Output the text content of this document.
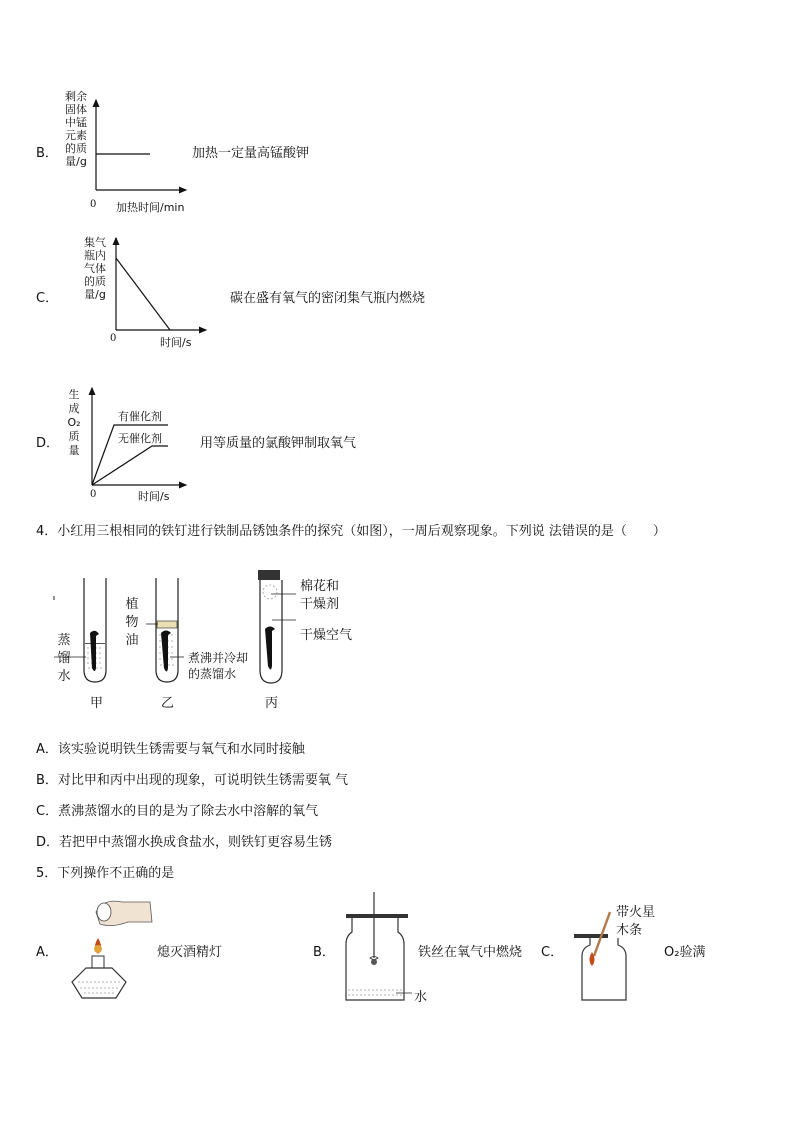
B．
剩余
固体
中锰
元素
的质
量/g
0 加热时间/min
加热一定量高锰酸钾
C．
集气
瓶内
气体
的质
量/g
0	时间/s
碳在盛有氧气的密闭集气瓶内燃烧
D．
生
成
O₂
质
量
有催化剂
无催化剂
0	时间/s
用等质量的氯酸钾制取氧气
4．小红用三根相同的铁钉进行铁制品锈蚀条件的探究（如图），一周后观察现象。下列说 法错误的是（　　）
蒸
馏
水
植
物
油
煮沸并冷却
的蒸馏水
棉花和
干燥剂
干燥空气
甲	乙	丙
A．该实验说明铁生锈需要与氧气和水同时接触
B．对比甲和丙中出现的现象，可说明铁生锈需要氧 气
C．煮沸蒸馏水的目的是为了除去水中溶解的氧气
D．若把甲中蒸馏水换成食盐水，则铁钉更容易生锈
5．下列操作不正确的是
A．	熄灭酒精灯	B．
水
铁丝在氧气中燃烧 C．
带火星
木条
O₂验满
